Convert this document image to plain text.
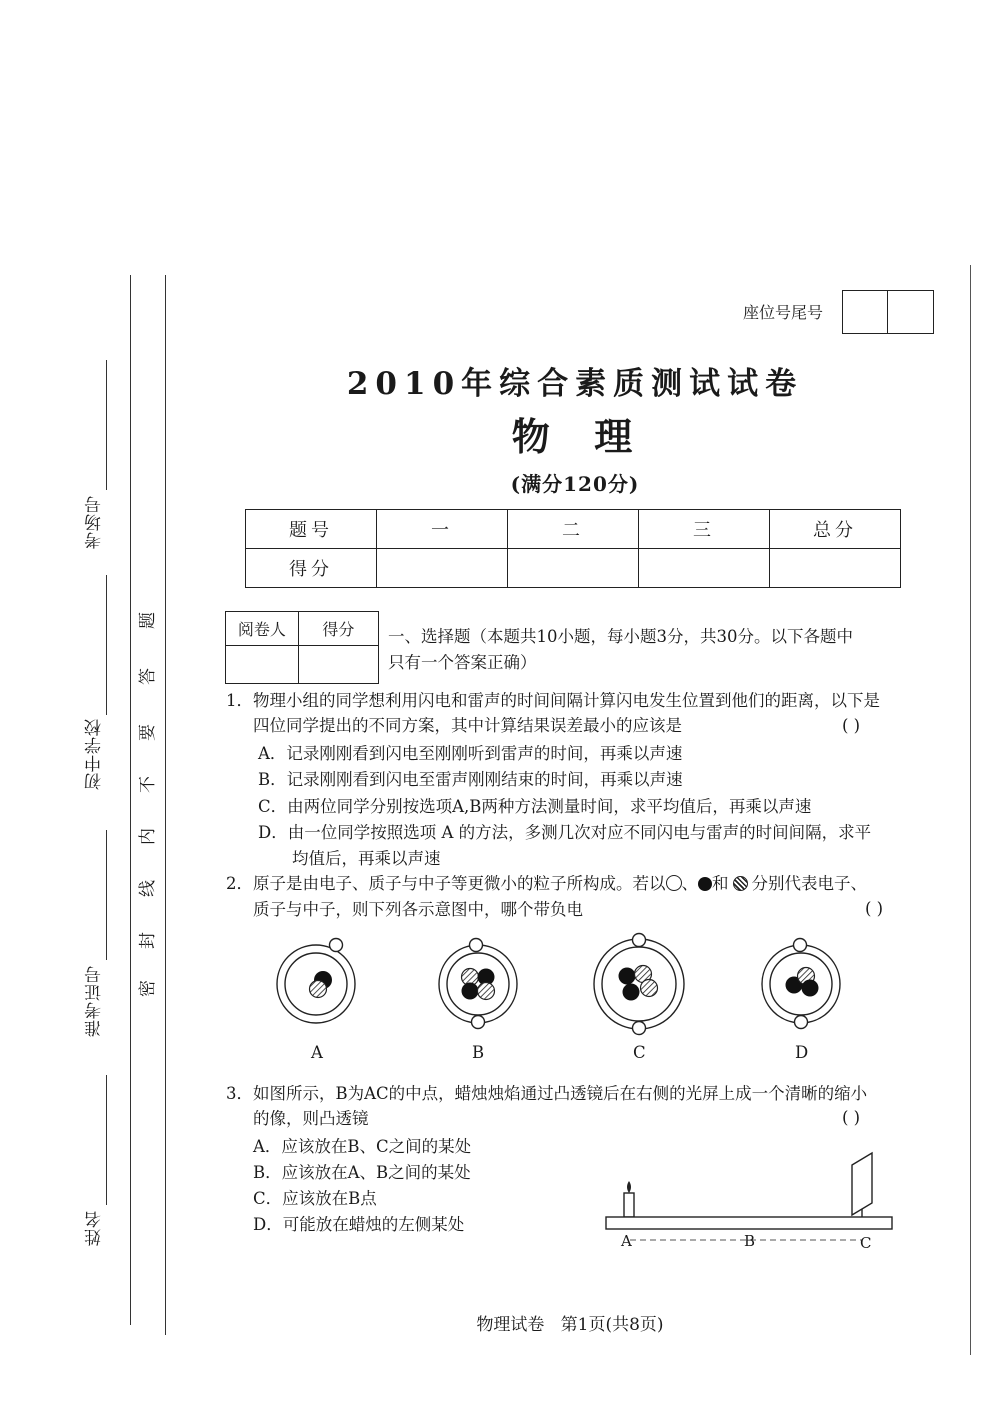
考场号
初中学校
准考证号
姓名
密
封
线
内
不
要
答
题
座位号尾号
2010年综合素质测试试卷
物  理
(满分120分)
题号	一	二	三	总分
得分				
阅卷人	得分
	一、选择题（本题共10小题，每小题3分，共30分。以下各题中
只有一个答案正确）
1．物理小组的同学想利用闪电和雷声的时间间隔计算闪电发生位置到他们的距离，以下是
四位同学提出的不同方案，其中计算结果误差最小的应该是	( )
A．记录刚刚看到闪电至刚刚听到雷声的时间，再乘以声速
B．记录刚刚看到闪电至雷声刚刚结束的时间，再乘以声速
C．由两位同学分别按选项A,B两种方法测量时间，求平均值后，再乘以声速
D．由一位同学按照选项 A 的方法，多测几次对应不同闪电与雷声的时间间隔，求平
均值后，再乘以声速
2．原子是由电子、质子与中子等更微小的粒子所构成。若以 、 和 分别代表电子、
质子与中子，则下列各示意图中，哪个带负电	( )
A	B	C	D
3．如图所示，B为AC的中点，蜡烛烛焰通过凸透镜后在右侧的光屏上成一个清晰的缩小
的像，则凸透镜	( )
A．应该放在B、C之间的某处
B．应该放在A、B之间的某处
C．应该放在B点
D．可能放在蜡烛的左侧某处
A	B	C
物理试卷   第1页(共8页)
